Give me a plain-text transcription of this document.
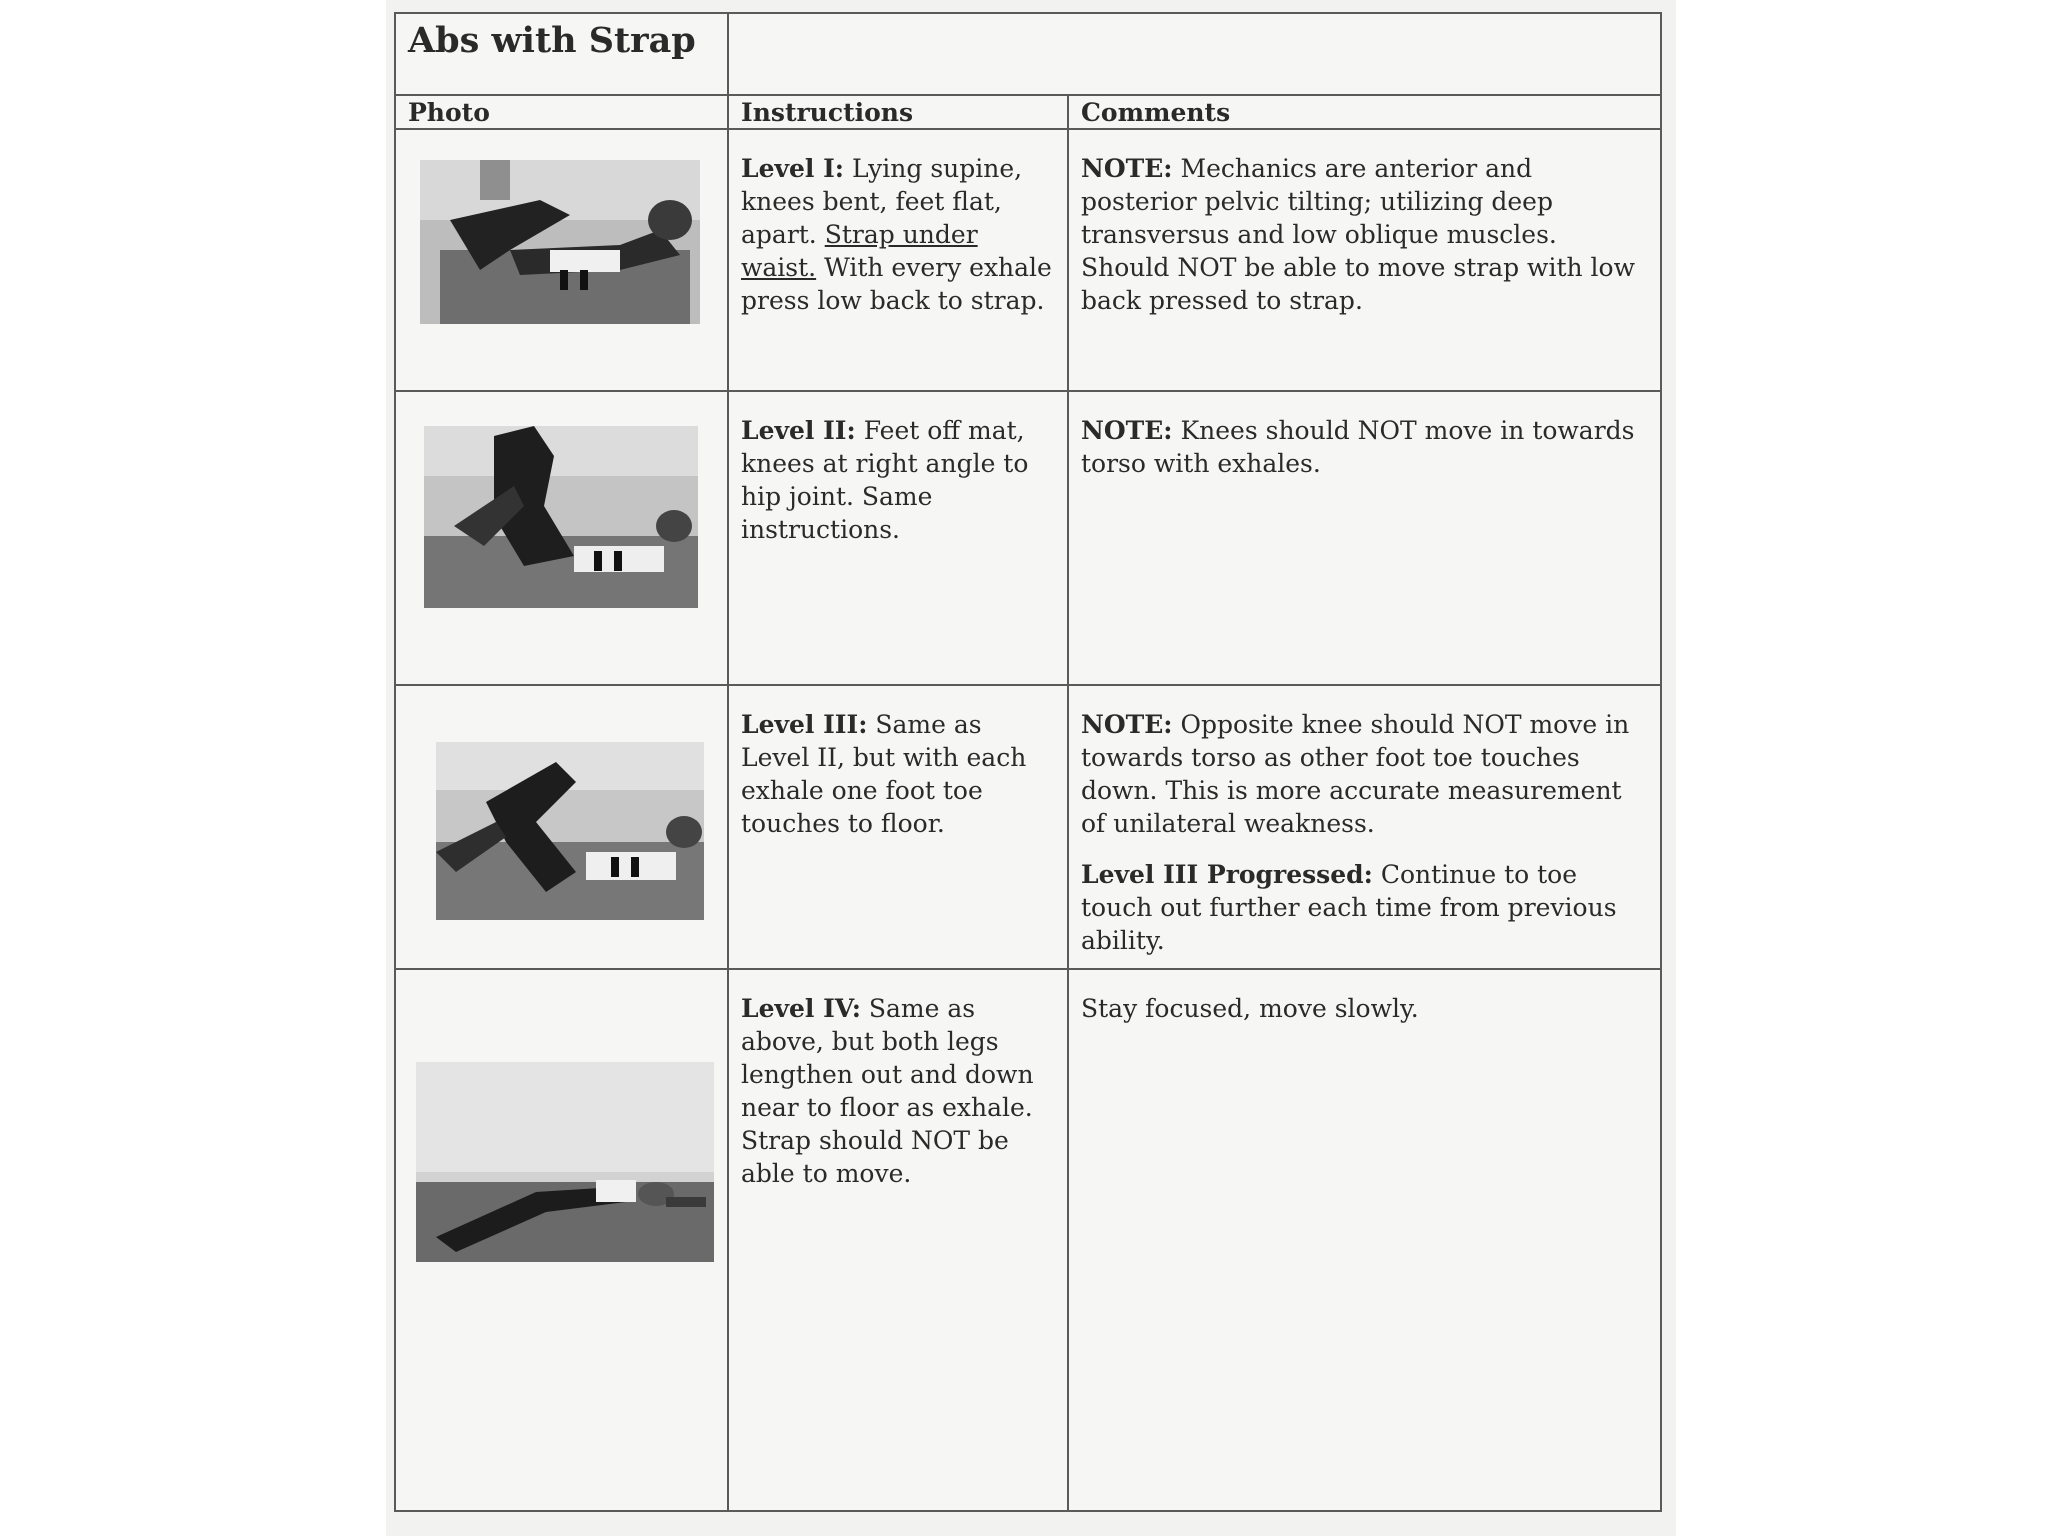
Abs with Strap		
Photo	Instructions	Comments

	Level I: Lying supine, knees bent, feet flat, apart. Strap under waist. With every exhale press low back to strap.	NOTE: Mechanics are anterior and posterior pelvic tilting; utilizing deep transversus and low oblique muscles. Should NOT be able to move strap with low back pressed to strap.

	Level II: Feet off mat, knees at right angle to hip joint. Same instructions.	NOTE: Knees should NOT move in towards torso with exhales.

	Level III: Same as Level II, but with each exhale one foot toe touches to floor.	NOTE: Opposite knee should NOT move in towards torso as other foot toe touches down. This is more accurate measurement of unilateral weakness.
Level III Progressed: Continue to toe touch out further each time from previous ability.

	Level IV: Same as above, but both legs lengthen out and down near to floor as exhale. Strap should NOT be able to move.	Stay focused, move slowly.
